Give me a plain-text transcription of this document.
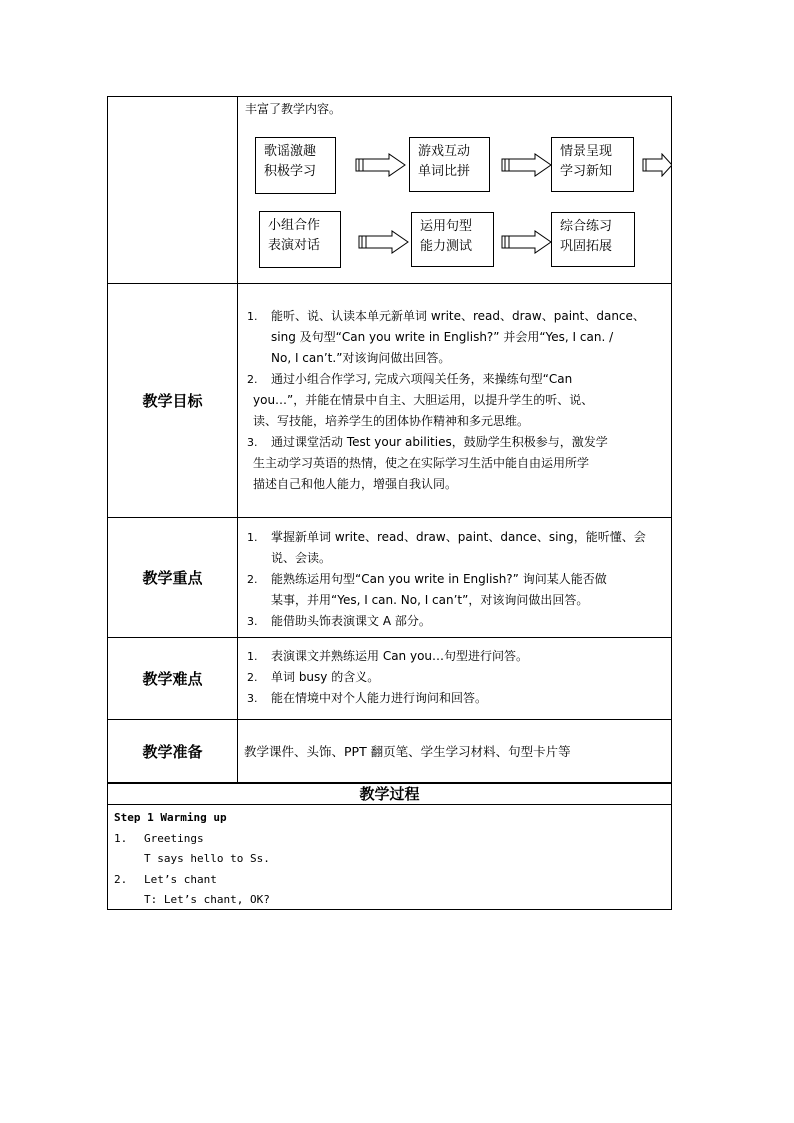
丰富了教学内容。
歌谣激趣
积极学习
游戏互动
单词比拼
情景呈现
学习新知
小组合作
表演对话
运用句型
能力测试
综合练习
巩固拓展
教学目标
1. 能听、说、认读本单元新单词 write、read、draw、paint、dance、
sing 及句型“Can you write in English?” 并会用“Yes, I can. /
No, I can’t.”对该询问做出回答。
2. 通过小组合作学习, 完成六项闯关任务，来操练句型“Can
you…”，并能在情景中自主、大胆运用，以提升学生的听、说、
读、写技能，培养学生的团体协作精神和多元思维。
3. 通过课堂活动 Test your abilities，鼓励学生积极参与，激发学
生主动学习英语的热情，使之在实际学习生活中能自由运用所学
描述自己和他人能力，增强自我认同。
教学重点
1. 掌握新单词 write、read、draw、paint、dance、sing，能听懂、会
说、会读。
2. 能熟练运用句型“Can you write in English?” 询问某人能否做
某事，并用“Yes, I can. No, I can’t”，对该询问做出回答。
3. 能借助头饰表演课文 A 部分。
教学难点
1. 表演课文并熟练运用 Can you…句型进行问答。
2. 单词 busy 的含义。
3. 能在情境中对个人能力进行询问和回答。
教学准备	教学课件、头饰、PPT 翻页笔、学生学习材料、句型卡片等
教学过程
Step 1 Warming up
1. Greetings
T says hello to Ss.
2. Let’s chant
T: Let’s chant, OK?
